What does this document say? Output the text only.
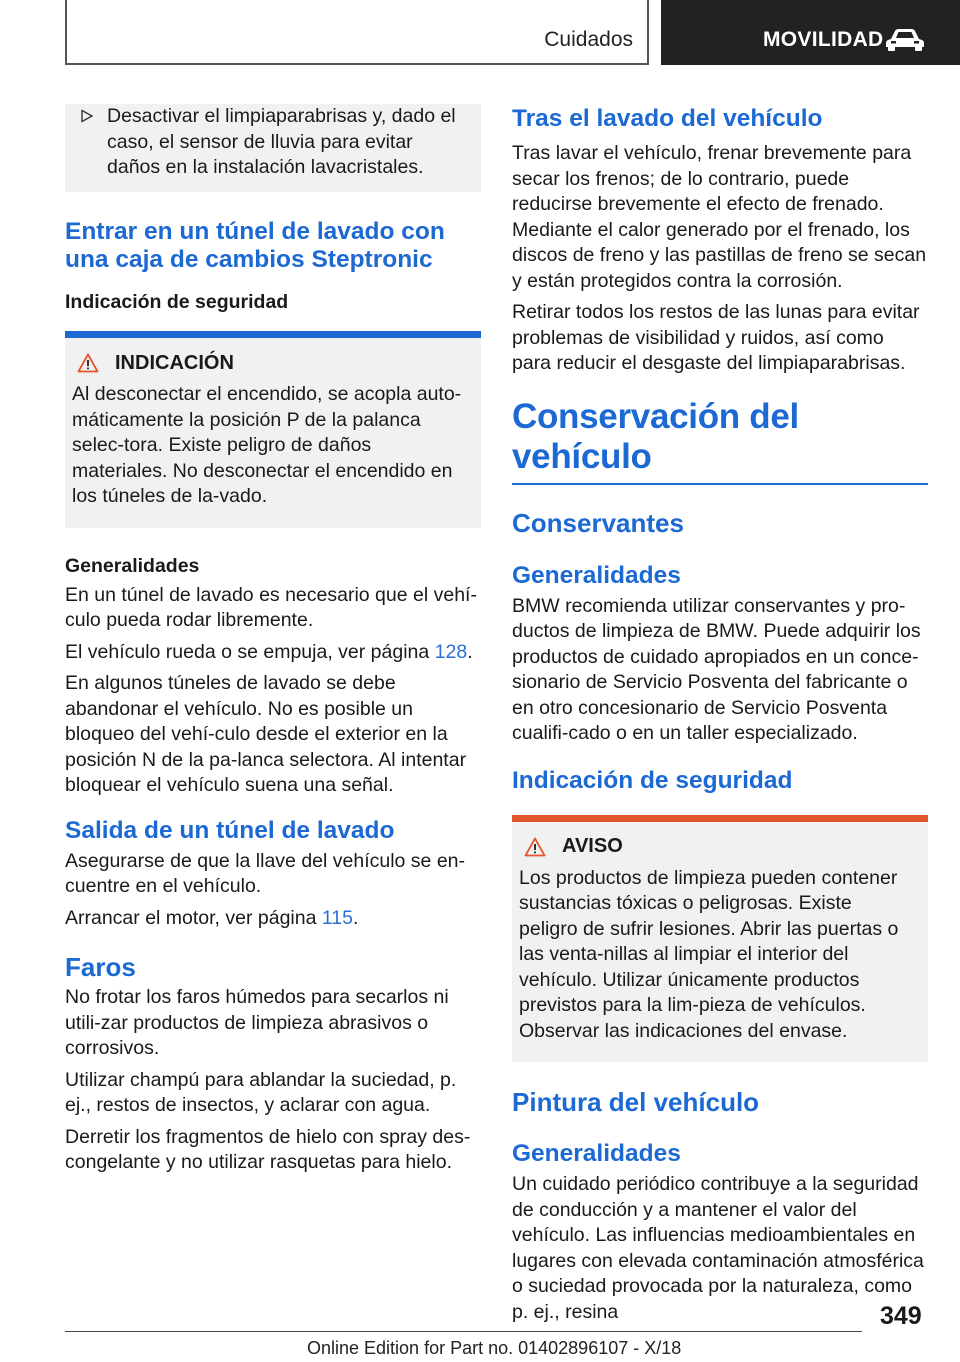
Cuidados	MOVILIDAD

Desactivar el limpiaparabrisas y, dado el caso, el sensor de lluvia para evitar daños en la instalación lavacristales.

Entrar en un túnel de lavado con una caja de cambios Steptronic
Indicación de seguridad
INDICACIÓN

Al desconectar el encendido, se acopla auto-máticamente la posición P de la palanca selec-tora. Existe peligro de daños materiales. No desconectar el encendido en los túneles de la-vado.

Generalidades

En un túnel de lavado es necesario que el vehí-culo pueda rodar libremente.

El vehículo rueda o se empuja, ver página 128.

En algunos túneles de lavado se debe abandonar el vehículo. No es posible un bloqueo del vehí-culo desde el exterior en la posición N de la pa-lanca selectora. Al intentar bloquear el vehículo suena una señal.

Salida de un túnel de lavado

Asegurarse de que la llave del vehículo se en-cuentre en el vehículo.

Arrancar el motor, ver página 115.

Faros

No frotar los faros húmedos para secarlos ni utili-zar productos de limpieza abrasivos o corrosivos.

Utilizar champú para ablandar la suciedad, p. ej., restos de insectos, y aclarar con agua.

Derretir los fragmentos de hielo con spray des-congelante y no utilizar rasquetas para hielo.

Tras el lavado del vehículo

Tras lavar el vehículo, frenar brevemente para secar los frenos; de lo contrario, puede reducirse brevemente el efecto de frenado. Mediante el calor generado por el frenado, los discos de freno y las pastillas de freno se secan y están protegidos contra la corrosión.

Retirar todos los restos de las lunas para evitar problemas de visibilidad y ruidos, así como para reducir el desgaste del limpiaparabrisas.

Conservación del vehículo
Conservantes
Generalidades

BMW recomienda utilizar conservantes y pro-ductos de limpieza de BMW. Puede adquirir los productos de cuidado apropiados en un conce-sionario de Servicio Posventa del fabricante o en otro concesionario de Servicio Posventa cualifi-cado o en un taller especializado.

Indicación de seguridad
AVISO

Los productos de limpieza pueden contener sustancias tóxicas o peligrosas. Existe peligro de sufrir lesiones. Abrir las puertas o las venta-nillas al limpiar el interior del vehículo. Utilizar únicamente productos previstos para la lim-pieza de vehículos. Observar las indicaciones del envase.

Pintura del vehículo
Generalidades

Un cuidado periódico contribuye a la seguridad de conducción y a mantener el valor del vehículo. Las influencias medioambientales en lugares con elevada contaminación atmosférica o suciedad provocada por la naturaleza, como p. ej., resina	349
Online Edition for Part no. 01402896107 - X/18
